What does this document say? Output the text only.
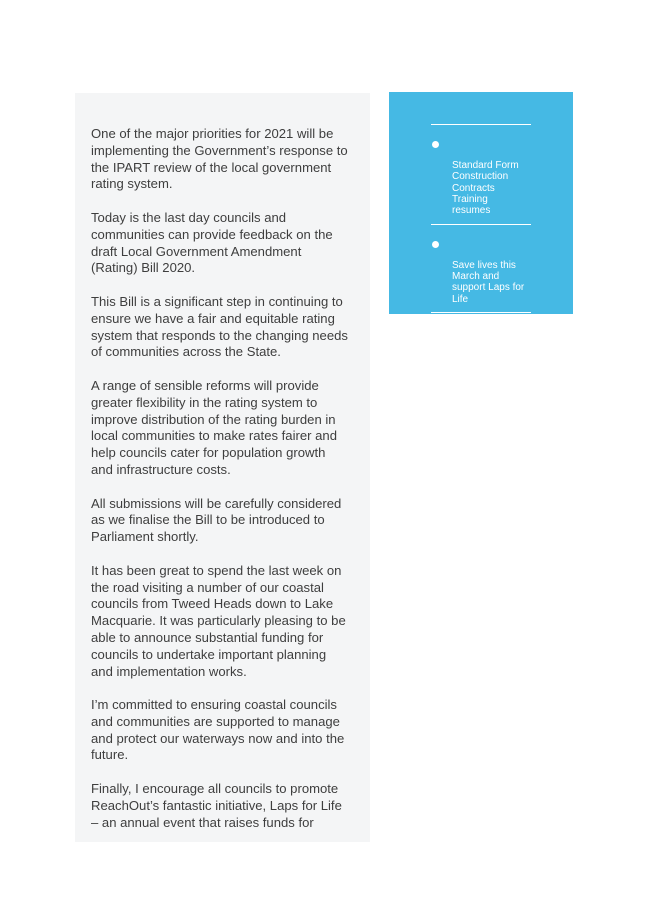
One of the major priorities for 2021 will be
implementing the Government’s response to
the IPART review of the local government
rating system.

Today is the last day councils and
communities can provide feedback on the
draft Local Government Amendment
(Rating) Bill 2020.

This Bill is a significant step in continuing to
ensure we have a fair and equitable rating
system that responds to the changing needs
of communities across the State.

A range of sensible reforms will provide
greater flexibility in the rating system to
improve distribution of the rating burden in
local communities to make rates fairer and
help councils cater for population growth
and infrastructure costs.

All submissions will be carefully considered
as we finalise the Bill to be introduced to
Parliament shortly.

It has been great to spend the last week on
the road visiting a number of our coastal
councils from Tweed Heads down to Lake
Macquarie. It was particularly pleasing to be
able to announce substantial funding for
councils to undertake important planning
and implementation works.

I’m committed to ensuring coastal councils
and communities are supported to manage
and protect our waterways now and into the
future.

Finally, I encourage all councils to promote
ReachOut’s fantastic initiative, Laps for Life
– an annual event that raises funds for

Standard Form
Construction
Contracts
Training
resumes

Save lives this
March and
support Laps for
Life

Council Corner
